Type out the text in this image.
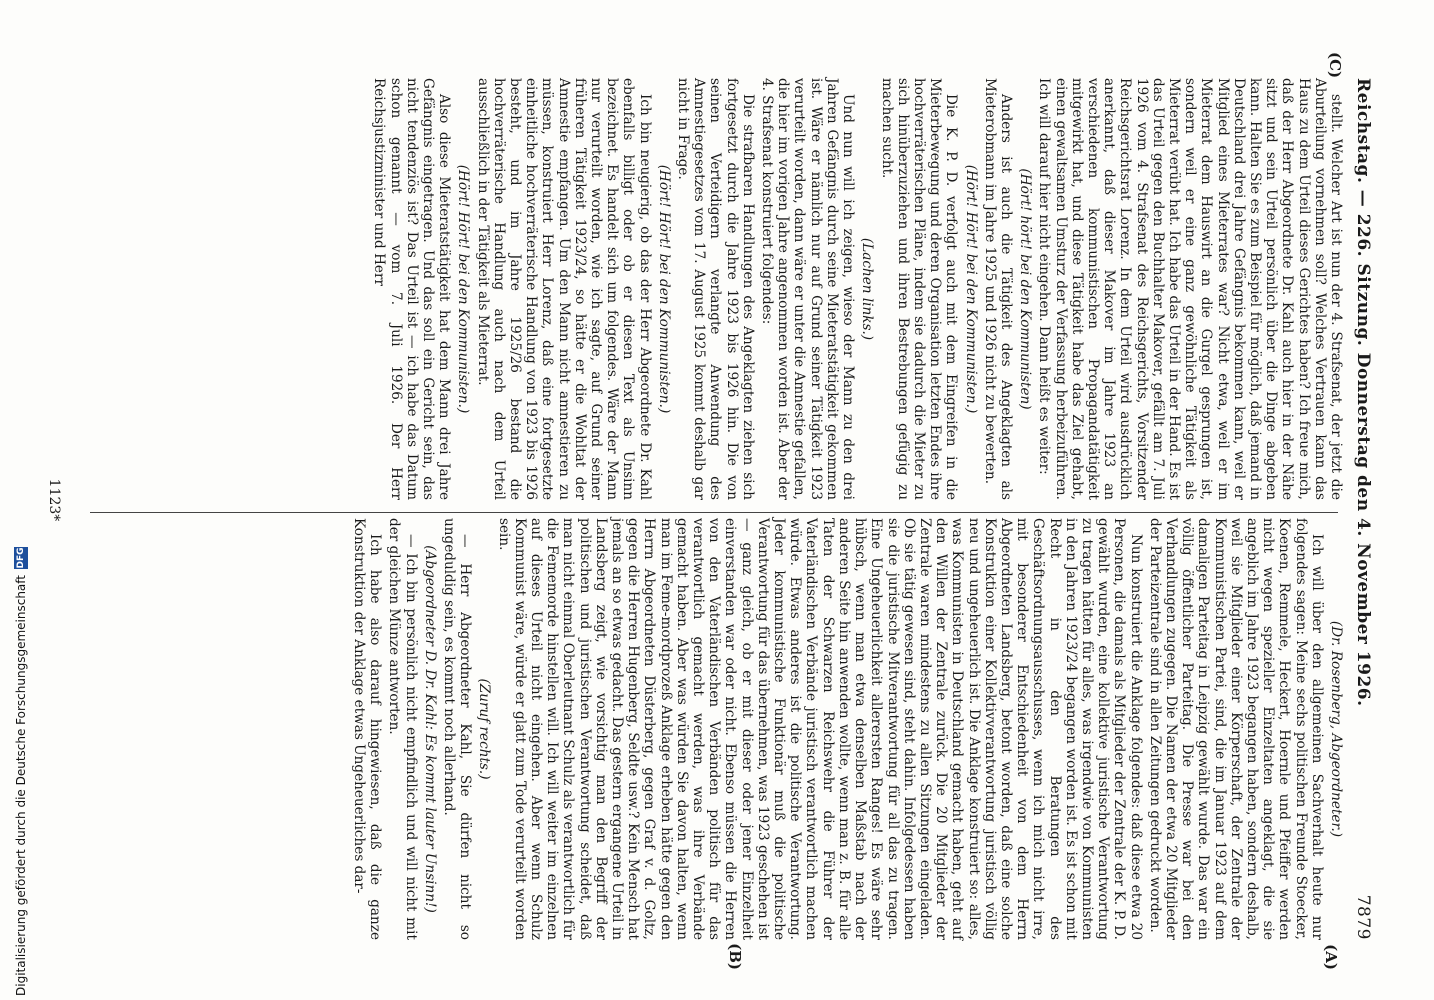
Reichstag. — 226. Sitzung. Donnerstag den 4. November 1926.
7879
(C)

stellt. Welcher Art ist nun der 4. Strafsenat, der jetzt die Aburteilung vornehmen soll? Welches Vertrauen kann das Haus zu dem Urteil dieses Gerichtes haben? Ich freue mich, daß der Herr Abgeordnete Dr. Kahl auch hier in der Nähe sitzt und sein Urteil persönlich über die Dinge abgeben kann. Halten Sie es zum Beispiel für möglich, daß jemand in Deutschland drei Jahre Gefängnis bekommen kann, weil er Mitglied eines Mieterrates war? Nicht etwa, weil er im Mieterrat dem Hauswirt an die Gurgel gesprungen ist, sondern weil er eine ganz gewöhnliche Tätigkeit als Mieterrat verübt hat. Ich habe das Urteil in der Hand. Es ist das Urteil gegen den Buchhalter Makover, gefällt am 7. Juli 1926 vom 4. Strafsenat des Reichsgerichts, Vorsitzender Reichsgerichtsrat Lorenz. In dem Urteil wird ausdrücklich anerkannt, daß dieser Makover im Jahre 1923 an verschiedenen kommunistischen Propagandatätigkeit mitgewirkt hat, und diese Tätigkeit habe das Ziel gehabt, einen gewaltsamen Umsturz der Verfassung herbeizuführen. Ich will darauf hier nicht eingehen. Dann heißt es weiter:

(Hört! hört! bei den Kommunisten)

Anders ist auch die Tätigkeit des Angeklagten als Mieterobmann im Jahre 1925 und 1926 nicht zu bewerten.

(Hört! Hört! bei den Kommunisten.)

Die K. P. D. verfolgt auch mit dem Eingreifen in die Mieterbewegung und deren Organisation letzten Endes ihre hochverräterischen Pläne, indem sie dadurch die Mieter zu sich hinüberzuziehen und ihren Bestrebungen gefügig zu machen sucht.

(Lachen links.)

Und nun will ich zeigen, wieso der Mann zu den drei Jahren Gefängnis durch seine Mieteratstätigkeit gekommen ist. Wäre er nämlich nur auf Grund seiner Tätigkeit 1923 verurteilt worden, dann wäre er unter die Amnestie gefallen, die hier im vorigen Jahre angenommen worden ist. Aber der 4. Strafsenat konstruiert folgendes:

Die strafbaren Handlungen des Angeklagten ziehen sich fortgesetzt durch die Jahre 1923 bis 1926 hin. Die von seinen Verteidigern verlangte Anwendung des Amnestiegesetzes vom 17. August 1925 kommt deshalb gar nicht in Frage.

(Hört! Hört! bei den Kommunisten.)

Ich bin neugierig, ob das der Herr Abgeordnete Dr. Kahl ebenfalls billigt oder ob er diesen Text als Unsinn bezeichnet. Es handelt sich um folgendes. Wäre der Mann nur verurteilt worden, wie ich sagte, auf Grund seiner früheren Tätigkeit 1923/24, so hätte er die Wohltat der Amnestie empfangen. Um den Mann nicht amnestieren zu müssen, konstruiert Herr Lorenz, daß eine fortgesetzte einheitliche hochverräterische Handlung von 1923 bis 1926 besteht, und im Jahre 1925/26 bestand die hochverräterische Handlung auch nach dem Urteil ausschließlich in der Tätigkeit als Mieterrat.

(Hört! Hört! bei den Kommunisten.)

Also diese Mieteratstätigkeit hat dem Mann drei Jahre Gefängnis eingetragen. Und das soll ein Gericht sein, das nicht tendenziös ist? Das Urteil ist — ich habe das Datum schon genannt — vom 7. Juli 1926. Der Herr Reichsjustizminister und Herr

(A)
(B)

(Dr. Rosenberg, Abgeordneter.)

Ich will über den allgemeinen Sachverhalt heute nur folgendes sagen: Meine sechs politischen Freunde Stoecker, Koenen, Remmele, Heckert, Hoernle und Pfeiffer werden nicht wegen spezieller Einzeltaten angeklagt, die sie angeblich im Jahre 1923 begangen haben, sondern deshalb, weil sie Mitglieder einer Körperschaft, der Zentrale der Kommunistischen Partei, sind, die im Januar 1923 auf dem damaligen Parteitag in Leipzig gewählt wurde. Das war ein völlig öffentlicher Parteitag. Die Presse war bei den Verhandlungen zugegen. Die Namen der etwa 20 Mitglieder der Parteizentrale sind in allen Zeitungen gedruckt worden.

Nun konstruiert die Anklage folgendes: daß diese etwa 20 Personen, die damals als Mitglieder der Zentrale der K. P. D. gewählt wurden, eine kollektive juristische Verantwortung zu tragen hätten für alles, was irgendwie von Kommunisten in den Jahren 1923/24 begangen worden ist. Es ist schon mit Recht in den Beratungen des Geschäftsordnungsausschusses, wenn ich mich nicht irre, mit besonderer Entschiedenheit von dem Herrn Abgeordneten Landsberg, betont worden, daß eine solche Konstruktion einer Kollektivverantwortung juristisch völlig neu und ungeheuerlich ist. Die Anklage konstruiert so: alles, was Kommunisten in Deutschland gemacht haben, geht auf den Willen der Zentrale zurück. Die 20 Mitglieder der Zentrale waren mindestens zu allen Sitzungen eingeladen. Ob sie tätig gewesen sind, steht dahin. Infolgedessen haben sie die juristische Mitverantwortung für all das zu tragen. Eine Ungeheuerlichkeit allerersten Ranges! Es wäre sehr hübsch, wenn man etwa denselben Maßstab nach der anderen Seite hin anwenden wollte, wenn man z. B. für alle Taten der Schwarzen Reichswehr die Führer der Vaterländischen Verbände juristisch verantwortlich machen würde. Etwas anderes ist die politische Verantwortung. Jeder kommunistische Funktionär muß die politische Verantwortung für das übernehmen, was 1923 geschehen ist — ganz gleich, ob er mit dieser oder jener Einzelheit einverstanden war oder nicht. Ebenso müssen die Herren von den Vaterländischen Verbänden politisch für das verantwortlich gemacht werden, was ihre Verbände gemacht haben. Aber was würden Sie davon halten, wenn man im Feme-mordprozeß Anklage erheben hätte gegen den Herrn Abgeordneten Düsterberg, gegen Graf v. d. Goltz, gegen die Herren Hugenberg, Seldte usw.? Kein Mensch hat jemals an so etwas gedacht. Das gestern ergangene Urteil in Landsberg zeigt, wie vorsichtig man den Begriff der politischen und juristischen Verantwortung scheidet, daß man nicht einmal Oberleutnant Schulz als verantwortlich für die Fememorde hinstellen will. Ich will weiter im einzelnen auf dieses Urteil nicht eingehen. Aber wenn Schulz Kommunist wäre, würde er glatt zum Tode verurteilt worden sein.

(Zuruf rechts.)

— Herr Abgeordneter Kahl, Sie dürfen nicht so ungeduldig sein, es kommt noch allerhand.

(Abgeordneter D. Dr. Kahl: Es kommt lauter Unsinn!)

— Ich bin persönlich nicht empfindlich und will nicht mit der gleichen Münze antworten.

Ich habe also darauf hingewiesen, daß die ganze Konstruktion der Anklage etwas Ungeheuerliches dar-

1123*
Digitalisierung gefördert durch die Deutsche Forschungsgemeinschaft
DFG
